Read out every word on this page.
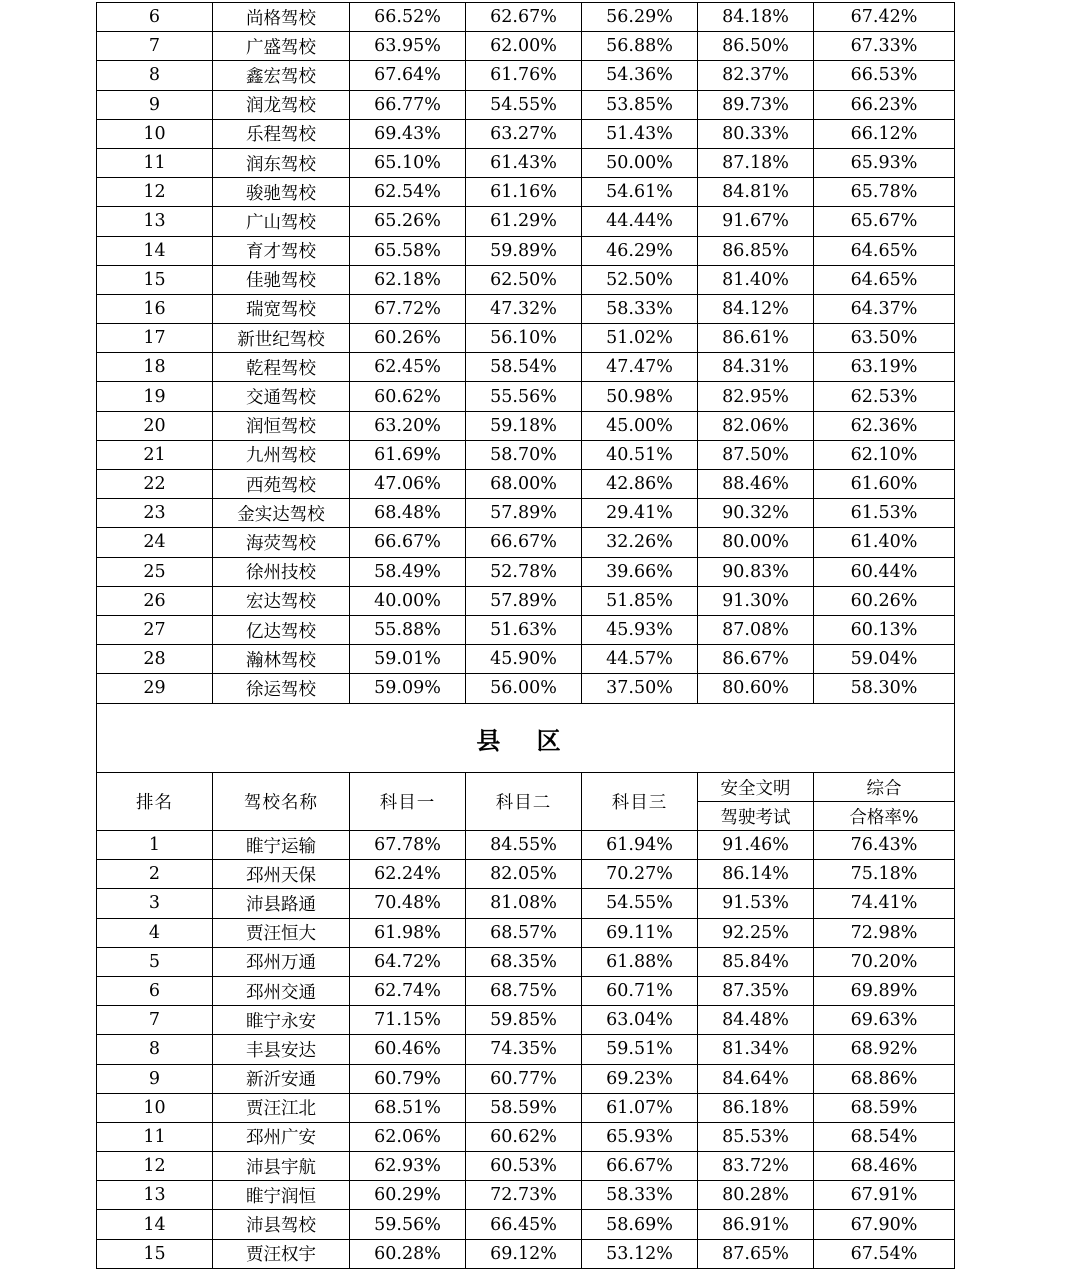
6	尚格驾校	66.52%	62.67%	56.29%	84.18%	67.42%
7	广盛驾校	63.95%	62.00%	56.88%	86.50%	67.33%
8	鑫宏驾校	67.64%	61.76%	54.36%	82.37%	66.53%
9	润龙驾校	66.77%	54.55%	53.85%	89.73%	66.23%
10	乐程驾校	69.43%	63.27%	51.43%	80.33%	66.12%
11	润东驾校	65.10%	61.43%	50.00%	87.18%	65.93%
12	骏驰驾校	62.54%	61.16%	54.61%	84.81%	65.78%
13	广山驾校	65.26%	61.29%	44.44%	91.67%	65.67%
14	育才驾校	65.58%	59.89%	46.29%	86.85%	64.65%
15	佳驰驾校	62.18%	62.50%	52.50%	81.40%	64.65%
16	瑞宽驾校	67.72%	47.32%	58.33%	84.12%	64.37%
17	新世纪驾校	60.26%	56.10%	51.02%	86.61%	63.50%
18	乾程驾校	62.45%	58.54%	47.47%	84.31%	63.19%
19	交通驾校	60.62%	55.56%	50.98%	82.95%	62.53%
20	润恒驾校	63.20%	59.18%	45.00%	82.06%	62.36%
21	九州驾校	61.69%	58.70%	40.51%	87.50%	62.10%
22	西苑驾校	47.06%	68.00%	42.86%	88.46%	61.60%
23	金实达驾校	68.48%	57.89%	29.41%	90.32%	61.53%
24	海荧驾校	66.67%	66.67%	32.26%	80.00%	61.40%
25	徐州技校	58.49%	52.78%	39.66%	90.83%	60.44%
26	宏达驾校	40.00%	57.89%	51.85%	91.30%	60.26%
27	亿达驾校	55.88%	51.63%	45.93%	87.08%	60.13%
28	瀚林驾校	59.01%	45.90%	44.57%	86.67%	59.04%
29	徐运驾校	59.09%	56.00%	37.50%	80.60%	58.30%
县 区						
排名	驾校名称	科目一	科目二	科目三	安全文明	综合
					驾驶考试	合格率%
1	睢宁运输	67.78%	84.55%	61.94%	91.46%	76.43%
2	邳州天保	62.24%	82.05%	70.27%	86.14%	75.18%
3	沛县路通	70.48%	81.08%	54.55%	91.53%	74.41%
4	贾汪恒大	61.98%	68.57%	69.11%	92.25%	72.98%
5	邳州万通	64.72%	68.35%	61.88%	85.84%	70.20%
6	邳州交通	62.74%	68.75%	60.71%	87.35%	69.89%
7	睢宁永安	71.15%	59.85%	63.04%	84.48%	69.63%
8	丰县安达	60.46%	74.35%	59.51%	81.34%	68.92%
9	新沂安通	60.79%	60.77%	69.23%	84.64%	68.86%
10	贾汪江北	68.51%	58.59%	61.07%	86.18%	68.59%
11	邳州广安	62.06%	60.62%	65.93%	85.53%	68.54%
12	沛县宇航	62.93%	60.53%	66.67%	83.72%	68.46%
13	睢宁润恒	60.29%	72.73%	58.33%	80.28%	67.91%
14	沛县驾校	59.56%	66.45%	58.69%	86.91%	67.90%
15	贾汪权宇	60.28%	69.12%	53.12%	87.65%	67.54%
